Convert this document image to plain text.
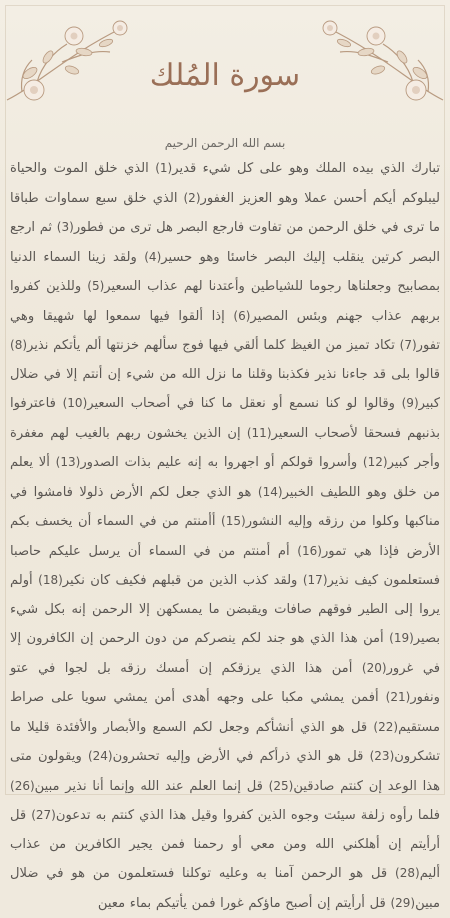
سورة المُلك
بسم الله الرحمن الرحيم
تبارك الذي بيده الملك وهو على كل شيء قدير(1) الذي خلق الموت والحياة ليبلوكم أيكم أحسن عملا وهو العزيز الغفور(2) الذي خلق سبع سماوات طباقا ما ترى في خلق الرحمن من تفاوت فارجع البصر هل ترى من فطور(3) ثم ارجع البصر كرتين ينقلب إليك البصر خاسئا وهو حسير(4) ولقد زينا السماء الدنيا بمصابيح وجعلناها رجوما للشياطين وأعتدنا لهم عذاب السعير(5) وللذين كفروا بربهم عذاب جهنم وبئس المصير(6) إذا ألقوا فيها سمعوا لها شهيقا وهي تفور(7) تكاد تميز من الغيظ كلما ألقي فيها فوج سألهم خزنتها ألم يأتكم نذير(8) قالوا بلى قد جاءنا نذير فكذبنا وقلنا ما نزل الله من شيء إن أنتم إلا في ضلال كبير(9) وقالوا لو كنا نسمع أو نعقل ما كنا في أصحاب السعير(10) فاعترفوا بذنبهم فسحقا لأصحاب السعير(11) إن الذين يخشون ربهم بالغيب لهم مغفرة وأجر كبير(12) وأسروا قولكم أو اجهروا به إنه عليم بذات الصدور(13) ألا يعلم من خلق وهو اللطيف الخبير(14) هو الذي جعل لكم الأرض ذلولا فامشوا في مناكبها وكلوا من رزقه وإليه النشور(15) أأمنتم من في السماء أن يخسف بكم الأرض فإذا هي تمور(16) أم أمنتم من في السماء أن يرسل عليكم حاصبا فستعلمون كيف نذير(17) ولقد كذب الذين من قبلهم فكيف كان نكير(18) أولم يروا إلى الطير فوقهم صافات ويقبضن ما يمسكهن إلا الرحمن إنه بكل شيء بصير(19) أمن هذا الذي هو جند لكم ينصركم من دون الرحمن إن الكافرون إلا في غرور(20) أمن هذا الذي يرزقكم إن أمسك رزقه بل لجوا في عتو ونفور(21) أفمن يمشي مكبا على وجهه أهدى أمن يمشي سويا على صراط مستقيم(22) قل هو الذي أنشأكم وجعل لكم السمع والأبصار والأفئدة قليلا ما تشكرون(23) قل هو الذي ذرأكم في الأرض وإليه تحشرون(24) ويقولون متى هذا الوعد إن كنتم صادقين(25) قل إنما العلم عند الله وإنما أنا نذير مبين(26) فلما رأوه زلفة سيئت وجوه الذين كفروا وقيل هذا الذي كنتم به تدعون(27) قل أرأيتم إن أهلكني الله ومن معي أو رحمنا فمن يجير الكافرين من عذاب أليم(28) قل هو الرحمن آمنا به وعليه توكلنا فستعلمون من هو في ضلال مبين(29) قل أرأيتم إن أصبح ماؤكم غورا فمن يأتيكم بماء معين
